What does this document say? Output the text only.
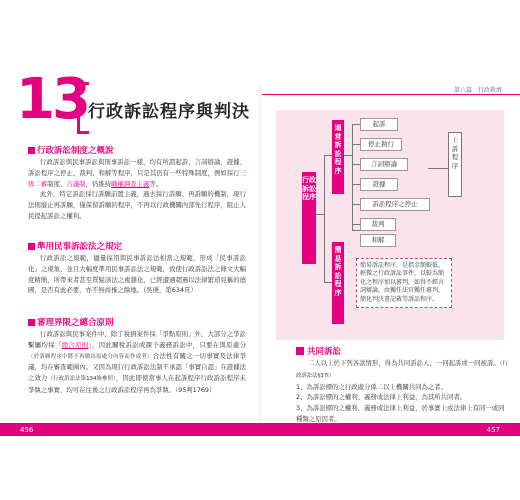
第六篇　行政救濟
456	457
13 行政訴訟程序與判決
行政訴訟制度之概說

行政訴訟與民事訴訟與刑事訴訟一樣，均有所謂起訴、言詞辯論、證據、訴訟程序之停止、裁判、和解等程序，只是其仍有一些特殊制度，例如採行三級二審制度、合議制，仍維持職權調查主義等。

此外，特定訴訟採行訴願前置主義，過去採行訴願、再訴願的機制，現行法則廢止再訴願，僅保留訴願的程序，不再以行政機關內部先行程序，阻止人民提起訴訟之權利。

準用民事訴訟法之規定

行政訴訟之規範，儘量採用與民事訴訟法相當之規範，形成「民事訴訟化」之現象，並且大幅度準用民事訴訟法之規範，致使行政訴訟法之條文大幅度精簡，所帶來者甚至質疑該法之複雜化，已經遭遇超過以法律繁瑣見稱的德國，是否有此必要，亦不無商榷之餘地。（吳庚，第634頁）

審理界限之總合原則

行政訴訟與民事案件中，除了稅捐案件採「爭點原則」外，大部分之爭訟繫屬均採「總合原則」，因此關稅訴訟或課予義務訴訟中，只要在與原處分（於訴願程序中將不再做出原處分內容而作成者）合法性有關之一切事實及法律爭議，均在審查範圍內。又因為現行行政訴訟法制不承認「事實自認」在證據法之效力（行政訴訟法第134條參照），因此即使當事人在起訴程序行政訴訟程序未爭執之事實，均可在往後之行政訴訟程序再為爭執。（95判1769）

行政訴訟程序
通常訴訟程序
簡易訴訟程序
起訴
停止執行
言詞辯論
證據
訴訟程序之停止
裁判
和解
上訴程序
簡易訴訟程序，是指金額較低，輕微之行政訴訟事件，以較為簡化之程序加以審判，如得不經言詞辯論，由獨任法官獨任審判，簡化判決書記載等訴訟程序。
共同訴訟

二人以上於下列各款情形，得為共同訴訟人，一同起訴或一同被訴。（行政訴訟法§37Ⅰ）

1、為訴訟標的之行政處分係二以上機關共同為之者。

2、為訴訟標的之權利、義務或法律上利益，為其所共同者。

3、為訴訟標的之權利、義務或法律上利益，於事實上或法律上有同一或同種類之原因者。
